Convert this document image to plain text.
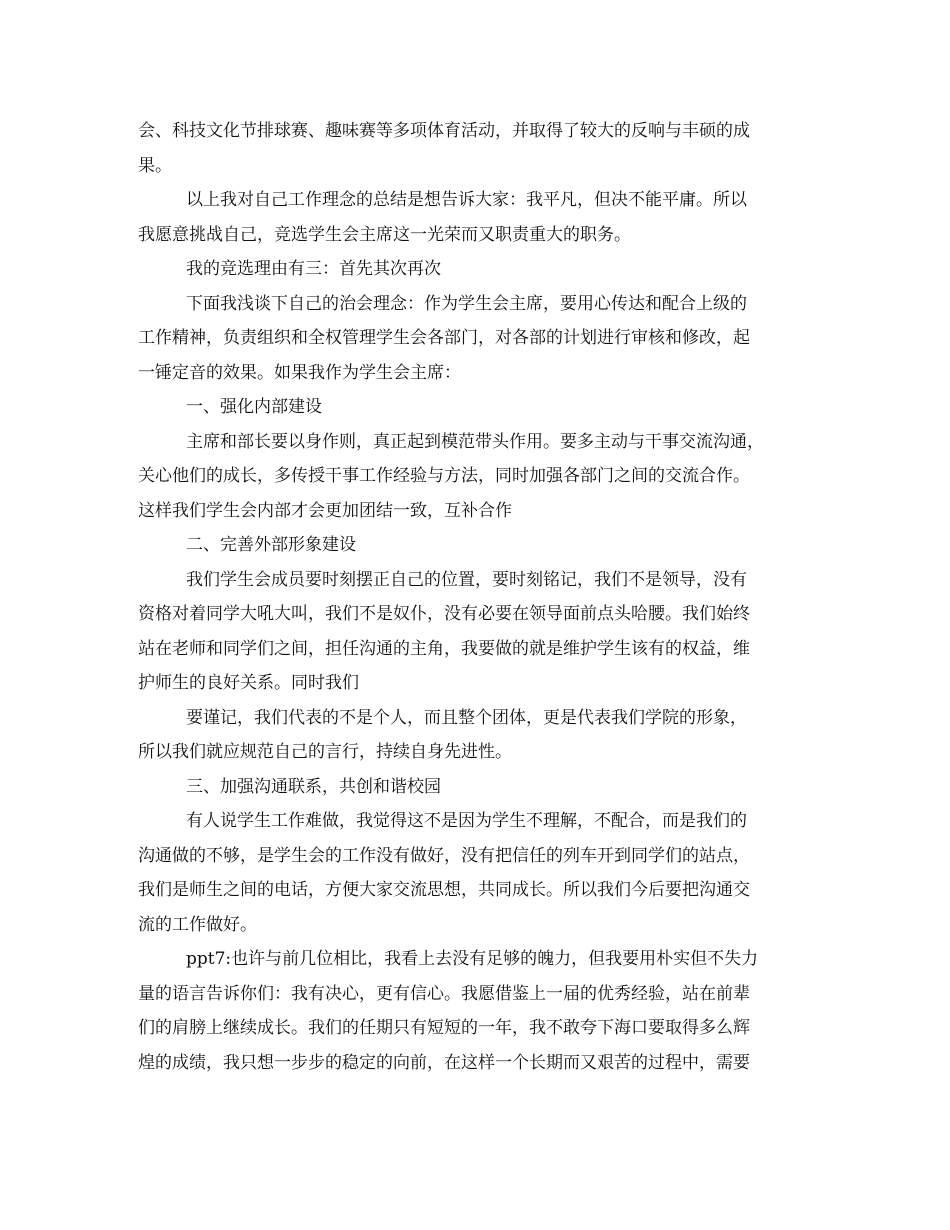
会、科技文化节排球赛、趣味赛等多项体育活动，并取得了较大的反响与丰硕的成
果。
以上我对自己工作理念的总结是想告诉大家：我平凡，但决不能平庸。所以
我愿意挑战自己，竞选学生会主席这一光荣而又职责重大的职务。
我的竞选理由有三：首先其次再次
下面我浅谈下自己的治会理念：作为学生会主席，要用心传达和配合上级的
工作精神，负责组织和全权管理学生会各部门，对各部的计划进行审核和修改，起
一锤定音的效果。如果我作为学生会主席：
一、强化内部建设
主席和部长要以身作则，真正起到模范带头作用。要多主动与干事交流沟通，
关心他们的成长，多传授干事工作经验与方法，同时加强各部门之间的交流合作。
这样我们学生会内部才会更加团结一致，互补合作
二、完善外部形象建设
我们学生会成员要时刻摆正自己的位置，要时刻铭记，我们不是领导，没有
资格对着同学大吼大叫，我们不是奴仆，没有必要在领导面前点头哈腰。我们始终
站在老师和同学们之间，担任沟通的主角，我要做的就是维护学生该有的权益，维
护师生的良好关系。同时我们
要谨记，我们代表的不是个人，而且整个团体，更是代表我们学院的形象，
所以我们就应规范自己的言行，持续自身先进性。
三、加强沟通联系，共创和谐校园
有人说学生工作难做，我觉得这不是因为学生不理解，不配合，而是我们的
沟通做的不够，是学生会的工作没有做好，没有把信任的列车开到同学们的站点，
我们是师生之间的电话，方便大家交流思想，共同成长。所以我们今后要把沟通交
流的工作做好。
ppt7:也许与前几位相比，我看上去没有足够的魄力，但我要用朴实但不失力
量的语言告诉你们：我有决心，更有信心。我愿借鉴上一届的优秀经验，站在前辈
们的肩膀上继续成长。我们的任期只有短短的一年，我不敢夸下海口要取得多么辉
煌的成绩，我只想一步步的稳定的向前，在这样一个长期而又艰苦的过程中，需要
